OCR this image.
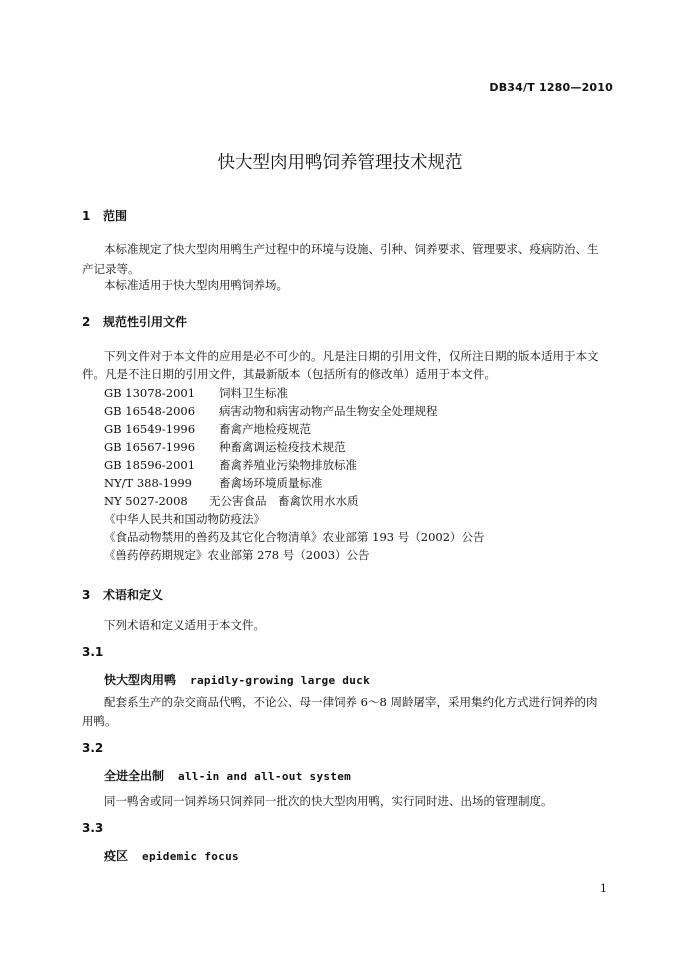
DB34/T 1280—2010
快大型肉用鸭饲养管理技术规范
1 范围
本标准规定了快大型肉用鸭生产过程中的环境与设施、引种、饲养要求、管理要求、疫病防治、生
产记录等。
本标准适用于快大型肉用鸭饲养场。
2 规范性引用文件
下列文件对于本文件的应用是必不可少的。凡是注日期的引用文件，仅所注日期的版本适用于本文
件。凡是不注日期的引用文件，其最新版本（包括所有的修改单）适用于本文件。
GB 13078-2001 饲料卫生标准
GB 16548-2006 病害动物和病害动物产品生物安全处理规程
GB 16549-1996 畜禽产地检疫规范
GB 16567-1996 种畜禽调运检疫技术规范
GB 18596-2001 畜禽养殖业污染物排放标准
NY/T 388-1999 畜禽场环境质量标准
NY 5027-2008 无公害食品　畜禽饮用水水质
《中华人民共和国动物防疫法》
《食品动物禁用的兽药及其它化合物清单》农业部第 193 号（2002）公告
《兽药停药期规定》农业部第 278 号（2003）公告
3 术语和定义
下列术语和定义适用于本文件。
3.1
快大型肉用鸭 rapidly-growing large duck
配套系生产的杂交商品代鸭，不论公、母一律饲养 6～8 周龄屠宰，采用集约化方式进行饲养的肉
用鸭。
3.2
全进全出制 all-in and all-out system
同一鸭舍或同一饲养场只饲养同一批次的快大型肉用鸭，实行同时进、出场的管理制度。
3.3
疫区 epidemic focus
1
